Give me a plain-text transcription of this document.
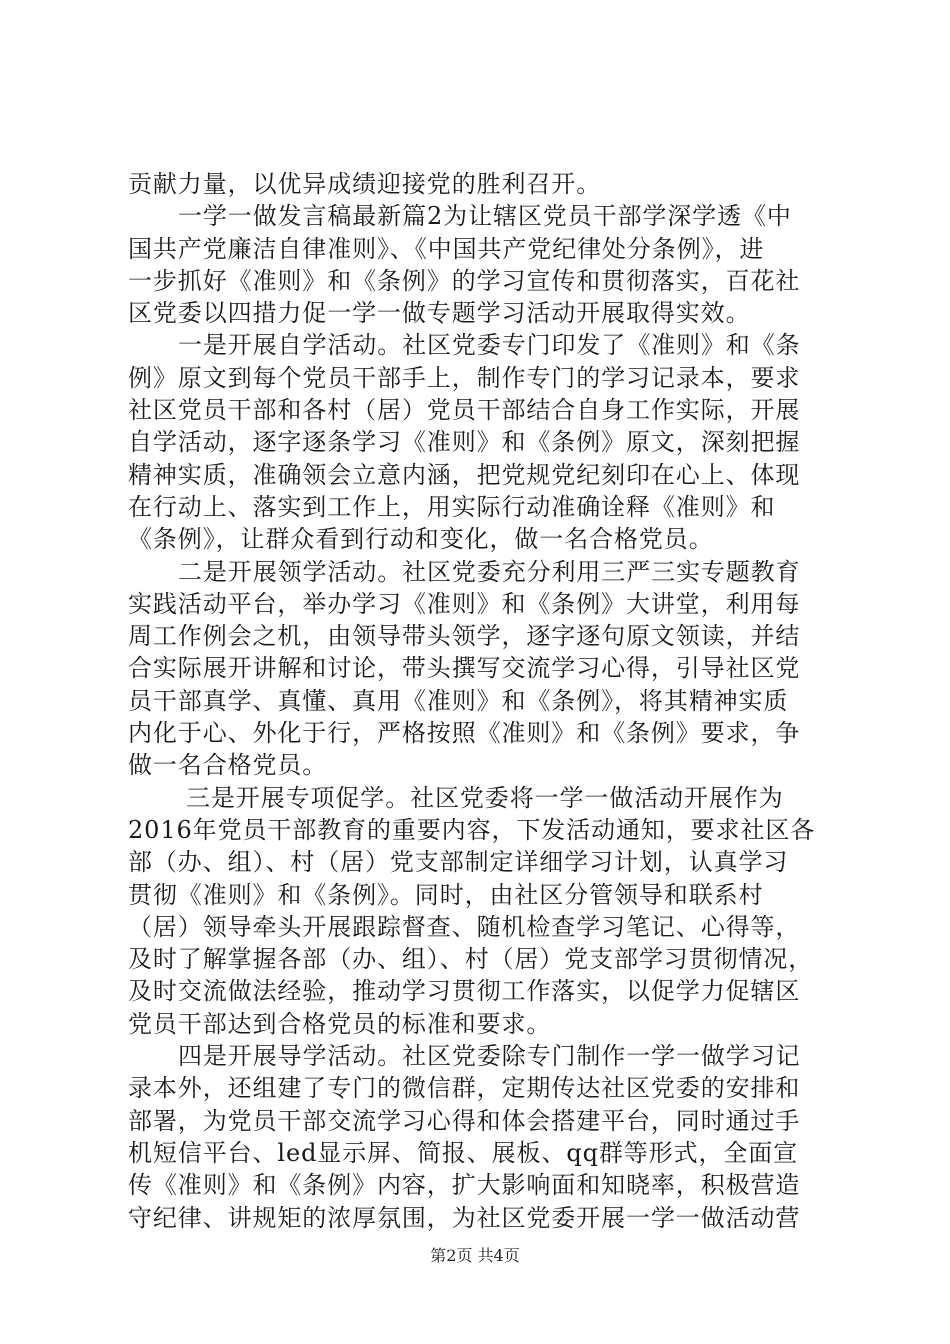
贡献力量，以优异成绩迎接党的胜利召开。
一学一做发言稿最新篇2为让辖区党员干部学深学透《中
国共产党廉洁自律准则》、《中国共产党纪律处分条例》，进
一步抓好《准则》和《条例》的学习宣传和贯彻落实，百花社
区党委以四措力促一学一做专题学习活动开展取得实效。
一是开展自学活动。社区党委专门印发了《准则》和《条
例》原文到每个党员干部手上，制作专门的学习记录本，要求
社区党员干部和各村（居）党员干部结合自身工作实际，开展
自学活动，逐字逐条学习《准则》和《条例》原文，深刻把握
精神实质，准确领会立意内涵，把党规党纪刻印在心上、体现
在行动上、落实到工作上，用实际行动准确诠释《准则》和
《条例》，让群众看到行动和变化，做一名合格党员。
二是开展领学活动。社区党委充分利用三严三实专题教育
实践活动平台，举办学习《准则》和《条例》大讲堂，利用每
周工作例会之机，由领导带头领学，逐字逐句原文领读，并结
合实际展开讲解和讨论，带头撰写交流学习心得，引导社区党
员干部真学、真懂、真用《准则》和《条例》，将其精神实质
内化于心、外化于行，严格按照《准则》和《条例》要求，争
做一名合格党员。
三是开展专项促学。社区党委将一学一做活动开展作为
2016年党员干部教育的重要内容，下发活动通知，要求社区各
部（办、组）、村（居）党支部制定详细学习计划，认真学习
贯彻《准则》和《条例》。同时，由社区分管领导和联系村
（居）领导牵头开展跟踪督查、随机检查学习笔记、心得等，
及时了解掌握各部（办、组）、村（居）党支部学习贯彻情况，
及时交流做法经验，推动学习贯彻工作落实，以促学力促辖区
党员干部达到合格党员的标准和要求。
四是开展导学活动。社区党委除专门制作一学一做学习记
录本外，还组建了专门的微信群，定期传达社区党委的安排和
部署，为党员干部交流学习心得和体会搭建平台，同时通过手
机短信平台、led显示屏、简报、展板、qq群等形式，全面宣
传《准则》和《条例》内容，扩大影响面和知晓率，积极营造
守纪律、讲规矩的浓厚氛围，为社区党委开展一学一做活动营
第2页 共4页
